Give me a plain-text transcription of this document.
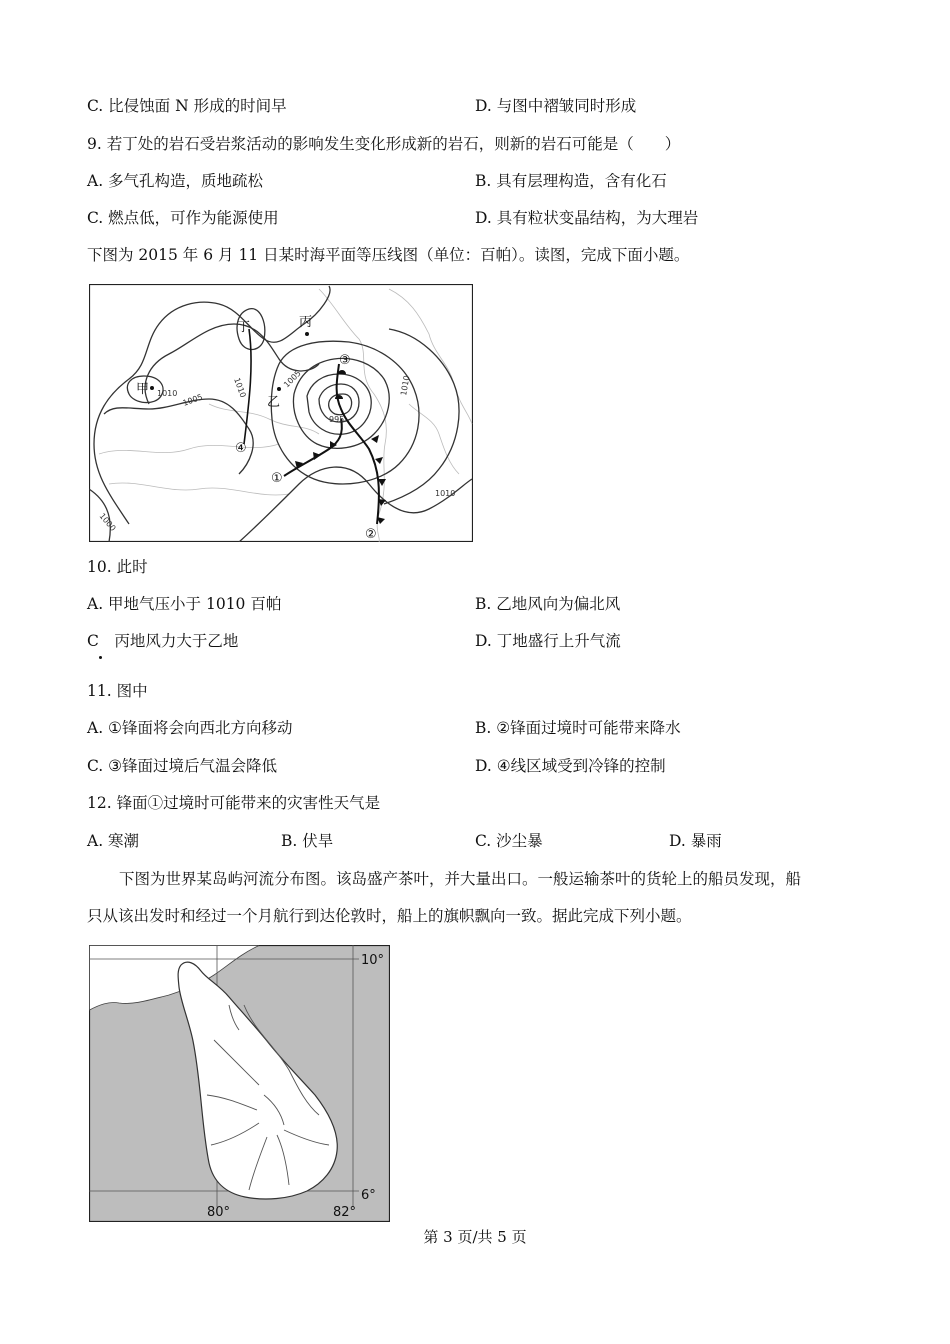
C. 比侵蚀面 N 形成的时间早	D. 与图中褶皱同时形成
9. 若丁处的岩石受岩浆活动的影响发生变化形成新的岩石，则新的岩石可能是（　　）
A. 多气孔构造，质地疏松	B. 具有层理构造，含有化石
C. 燃点低，可作为能源使用	D. 具有粒状变晶结构，为大理岩
下图为 2015 年 6 月 11 日某时海平面等压线图（单位：百帕）。读图，完成下面小题。
甲
乙
丙
丁
①
②
③
④
1010	1010	1010
1010
1005
1005
1000
995
10. 此时
A. 甲地气压小于 1010 百帕	B. 乙地风向为偏北风
C　丙地风力大于乙地	D. 丁地盛行上升气流
11. 图中
A. ①锋面将会向西北方向移动	B. ②锋面过境时可能带来降水
C. ③锋面过境后气温会降低	D. ④线区域受到冷锋的控制
12. 锋面①过境时可能带来的灾害性天气是
A. 寒潮	B. 伏旱	C. 沙尘暴	D. 暴雨
下图为世界某岛屿河流分布图。该岛盛产茶叶，并大量出口。一般运输茶叶的货轮上的船员发现，船
只从该出发时和经过一个月航行到达伦敦时，船上的旗帜飘向一致。据此完成下列小题。
10°
6°
80°	82°
第 3 页/共 5 页
